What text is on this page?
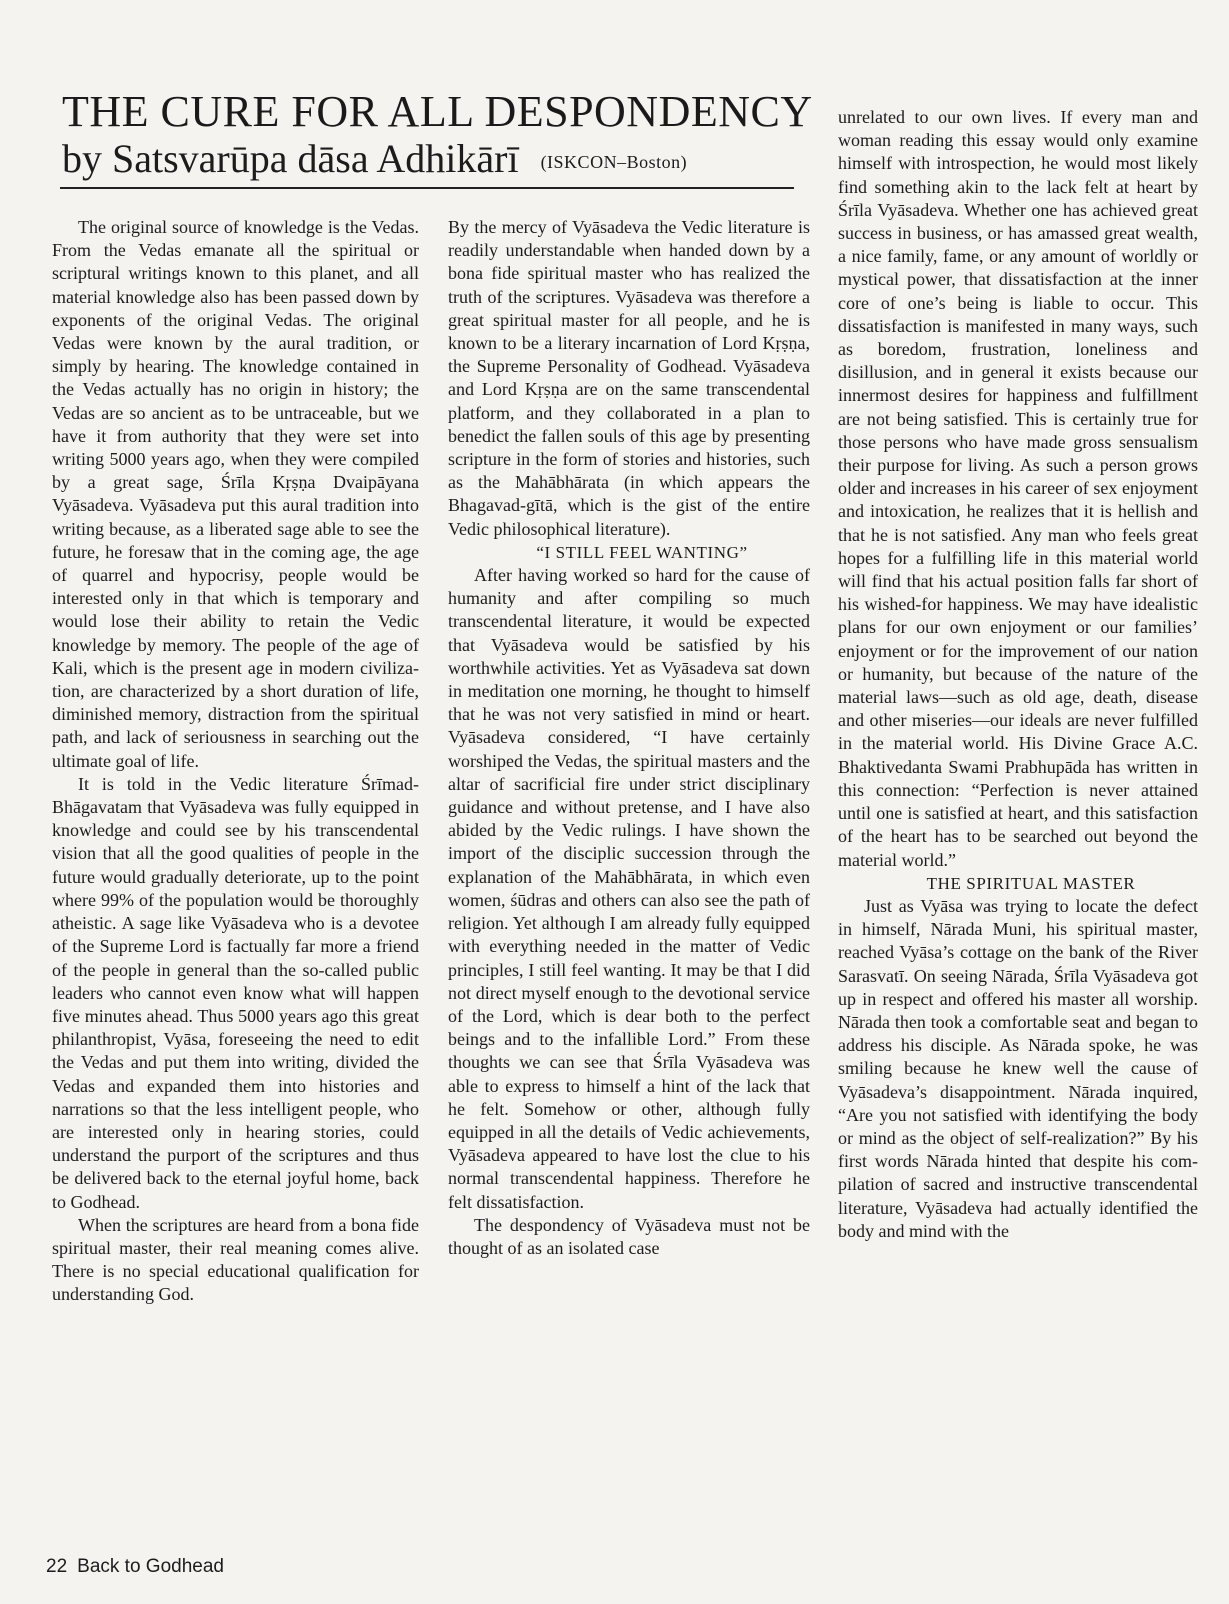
THE CURE FOR ALL DESPONDENCY
by Satsvarūpa dāsa Adhikārī (ISKCON–Boston)

The original source of knowledge is the Vedas. From the Vedas emanate all the spiritual or scriptural writings known to this planet, and all material knowledge also has been passed down by exponents of the original Vedas. The original Vedas were known by the aural tradition, or simply by hearing. The knowledge contained in the Vedas actually has no origin in history; the Vedas are so ancient as to be untraceable, but we have it from authority that they were set into writing 5000 years ago, when they were compiled by a great sage, Śrīla Kṛṣṇa Dvaipāyana Vyāsadeva. Vyāsadeva put this aural tradition into writing because, as a liberated sage able to see the future, he foresaw that in the coming age, the age of quarrel and hypocrisy, people would be interested only in that which is temporary and would lose their ability to retain the Vedic knowledge by memory. The people of the age of Kali, which is the present age in modern civilization, are characterized by a short duration of life, diminished memory, distraction from the spiritual path, and lack of seriousness in searching out the ultimate goal of life.

It is told in the Vedic literature Śrīmad-Bhāgavatam that Vyāsadeva was fully equipped in knowledge and could see by his transcendental vision that all the good qualities of people in the future would gradually deteriorate, up to the point where 99% of the population would be thoroughly atheistic. A sage like Vyāsadeva who is a devotee of the Supreme Lord is factually far more a friend of the people in general than the so-called public leaders who cannot even know what will happen five minutes ahead. Thus 5000 years ago this great philanthropist, Vyāsa, foreseeing the need to edit the Vedas and put them into writing, divided the Vedas and expanded them into histories and narrations so that the less intelligent people, who are interested only in hearing stories, could understand the purport of the scriptures and thus be delivered back to the eternal joyful home, back to Godhead.

When the scriptures are heard from a bona fide spiritual master, their real meaning comes alive. There is no special educational qualification for understanding God.

By the mercy of Vyāsadeva the Vedic literature is readily understandable when handed down by a bona fide spiritual master who has realized the truth of the scriptures. Vyāsadeva was therefore a great spiritual master for all people, and he is known to be a literary incarnation of Lord Kṛṣṇa, the Supreme Personality of Godhead. Vyāsadeva and Lord Kṛṣṇa are on the same transcendental platform, and they collaborated in a plan to benedict the fallen souls of this age by presenting scripture in the form of stories and histories, such as the Mahābhārata (in which appears the Bhagavad-gītā, which is the gist of the entire Vedic philosophical literature).

“I STILL FEEL WANTING”

After having worked so hard for the cause of humanity and after compiling so much transcendental literature, it would be expected that Vyāsadeva would be satisfied by his worthwhile activities. Yet as Vyāsadeva sat down in meditation one morning, he thought to himself that he was not very satisfied in mind or heart. Vyāsadeva considered, “I have certainly worshiped the Vedas, the spiritual masters and the altar of sacrificial fire under strict disciplinary guidance and without pretense, and I have also abided by the Vedic rulings. I have shown the import of the disciplic succession through the explanation of the Mahābhārata, in which even women, śūdras and others can also see the path of religion. Yet although I am already fully equipped with everything needed in the matter of Vedic principles, I still feel wanting. It may be that I did not direct myself enough to the devotional service of the Lord, which is dear both to the perfect beings and to the infallible Lord.” From these thoughts we can see that Śrīla Vyāsadeva was able to express to himself a hint of the lack that he felt. Somehow or other, although fully equipped in all the details of Vedic achievements, Vyāsadeva appeared to have lost the clue to his normal transcendental happiness. Therefore he felt dissatisfaction.

The despondency of Vyāsadeva must not be thought of as an isolated case

unrelated to our own lives. If every man and woman reading this essay would only examine himself with introspection, he would most likely find something akin to the lack felt at heart by Śrīla Vyāsadeva. Whether one has achieved great success in business, or has amassed great wealth, a nice family, fame, or any amount of worldly or mystical power, that dissatisfaction at the inner core of one’s being is liable to occur. This dissatisfaction is manifested in many ways, such as boredom, frustration, loneliness and disillusion, and in general it exists because our innermost desires for happiness and fulfillment are not being satisfied. This is certainly true for those persons who have made gross sensualism their purpose for living. As such a person grows older and increases in his career of sex enjoyment and intoxication, he realizes that it is hellish and that he is not satisfied. Any man who feels great hopes for a fulfilling life in this material world will find that his actual position falls far short of his wished-for happiness. We may have idealistic plans for our own enjoyment or our families’ enjoyment or for the improvement of our nation or humanity, but because of the nature of the material laws—such as old age, death, disease and other miseries—our ideals are never fulfilled in the material world. His Divine Grace A.C. Bhaktivedanta Swami Prabhupāda has written in this connection: “Perfection is never attained until one is satisfied at heart, and this satisfaction of the heart has to be searched out beyond the material world.”

THE SPIRITUAL MASTER

Just as Vyāsa was trying to locate the defect in himself, Nārada Muni, his spiritual master, reached Vyāsa’s cottage on the bank of the River Sarasvatī. On seeing Nārada, Śrīla Vyāsadeva got up in respect and offered his master all worship. Nārada then took a comfortable seat and began to address his disciple. As Nārada spoke, he was smiling because he knew well the cause of Vyāsadeva’s disappointment. Nārada inquired, “Are you not satisfied with identifying the body or mind as the object of self-realization?” By his first words Nārada hinted that despite his compilation of sacred and instructive transcendental literature, Vyāsadeva had actually identified the body and mind with the

22 Back to Godhead
